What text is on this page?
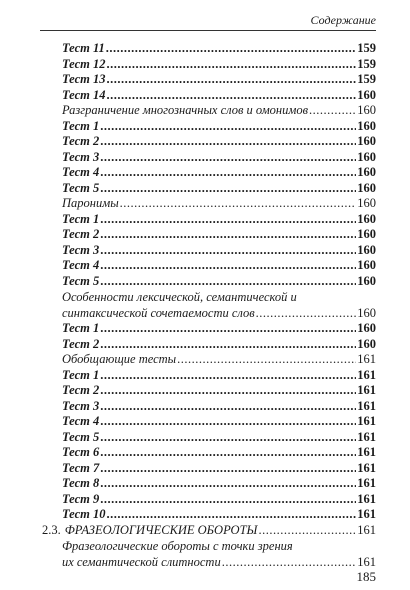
Содержание
Тест 11 .....	159
Тест 12 .....	159
Тест 13 .....	159
Тест 14 .....	160
Разграничение многозначных слов и омонимов .....	160
Тест 1 .....	160
Тест 2 .....	160
Тест 3 .....	160
Тест 4 .....	160
Тест 5 .....	160
Паронимы .....	160
Тест 1 .....	160
Тест 2 .....	160
Тест 3 .....	160
Тест 4 .....	160
Тест 5 .....	160
Особенности лексической, семантической и
синтаксической сочетаемости слов .....	160
Тест 1 .....	160
Тест 2 .....	160
Обобщающие тесты .....	161
Тест 1 .....	161
Тест 2 .....	161
Тест 3 .....	161
Тест 4 .....	161
Тест 5 .....	161
Тест 6 .....	161
Тест 7 .....	161
Тест 8 .....	161
Тест 9 .....	161
Тест 10 .....	161
2.3. ФРАЗЕОЛОГИЧЕСКИЕ ОБОРОТЫ .....	161
Фразеологические обороты с точки зрения
их семантической слитности .....	161
185
